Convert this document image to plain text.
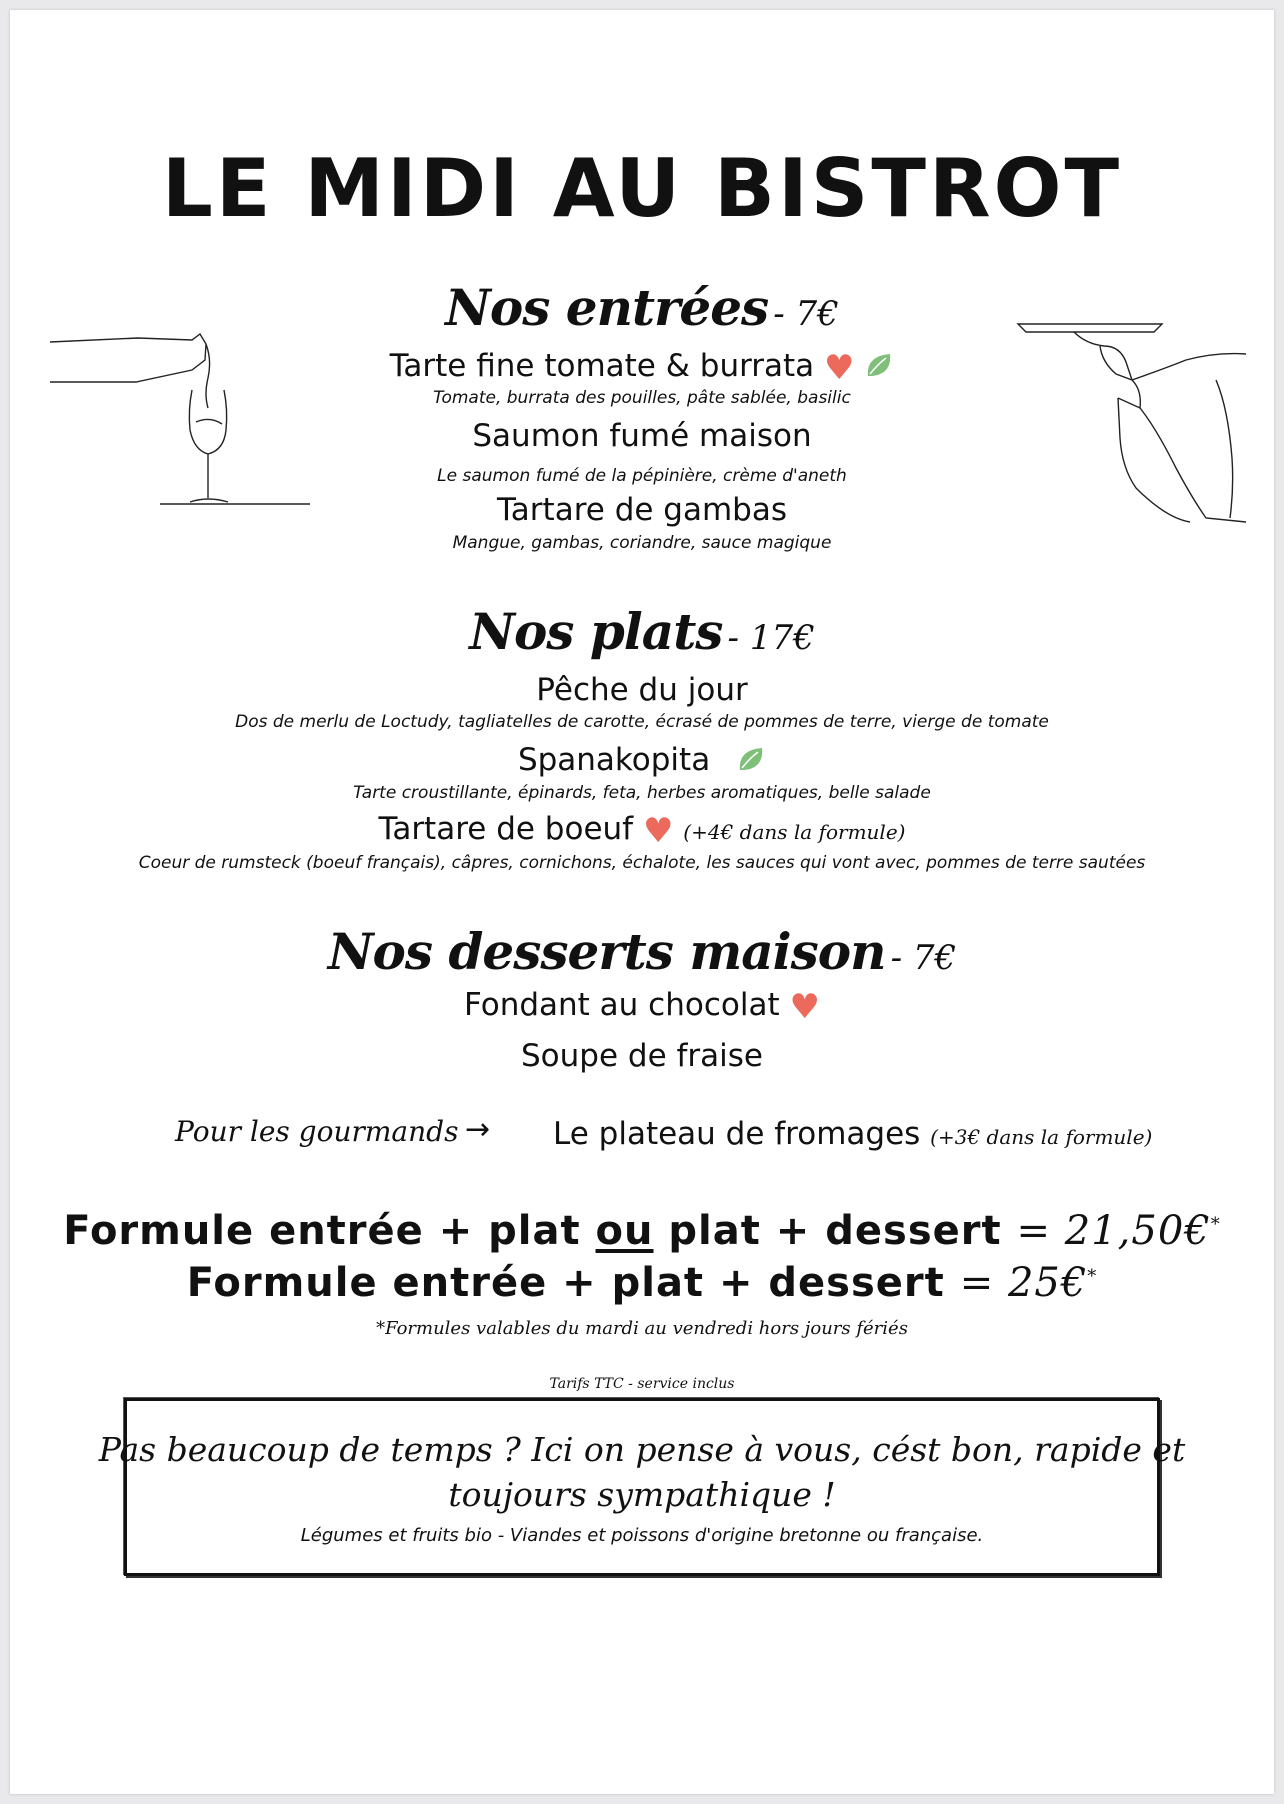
LE MIDI AU BISTROT
Nos entrées - 7€
Tarte fine tomate & burrata ♥
Tomate, burrata des pouilles, pâte sablée, basilic
Saumon fumé maison
Le saumon fumé de la pépinière, crème d'aneth
Tartare de gambas
Mangue, gambas, coriandre, sauce magique
Nos plats - 17€
Pêche du jour
Dos de merlu de Loctudy, tagliatelles de carotte, écrasé de pommes de terre, vierge de tomate
Spanakopita
Tarte croustillante, épinards, feta, herbes aromatiques, belle salade
Tartare de boeuf ♥ (+4€ dans la formule)
Coeur de rumsteck (boeuf français), câpres, cornichons, échalote, les sauces qui vont avec, pommes de terre sautées
Nos desserts maison - 7€
Fondant au chocolat ♥
Soupe de fraise
Pour les gourmands → Le plateau de fromages (+3€ dans la formule)
Formule entrée + plat ou plat + dessert = 21,50€*
Formule entrée + plat + dessert = 25€*
*Formules valables du mardi au vendredi hors jours fériés
Tarifs TTC - service inclus
Pas beaucoup de temps ? Ici on pense à vous, cést bon, rapide et
toujours sympathique !
Légumes et fruits bio - Viandes et poissons d'origine bretonne ou française.
